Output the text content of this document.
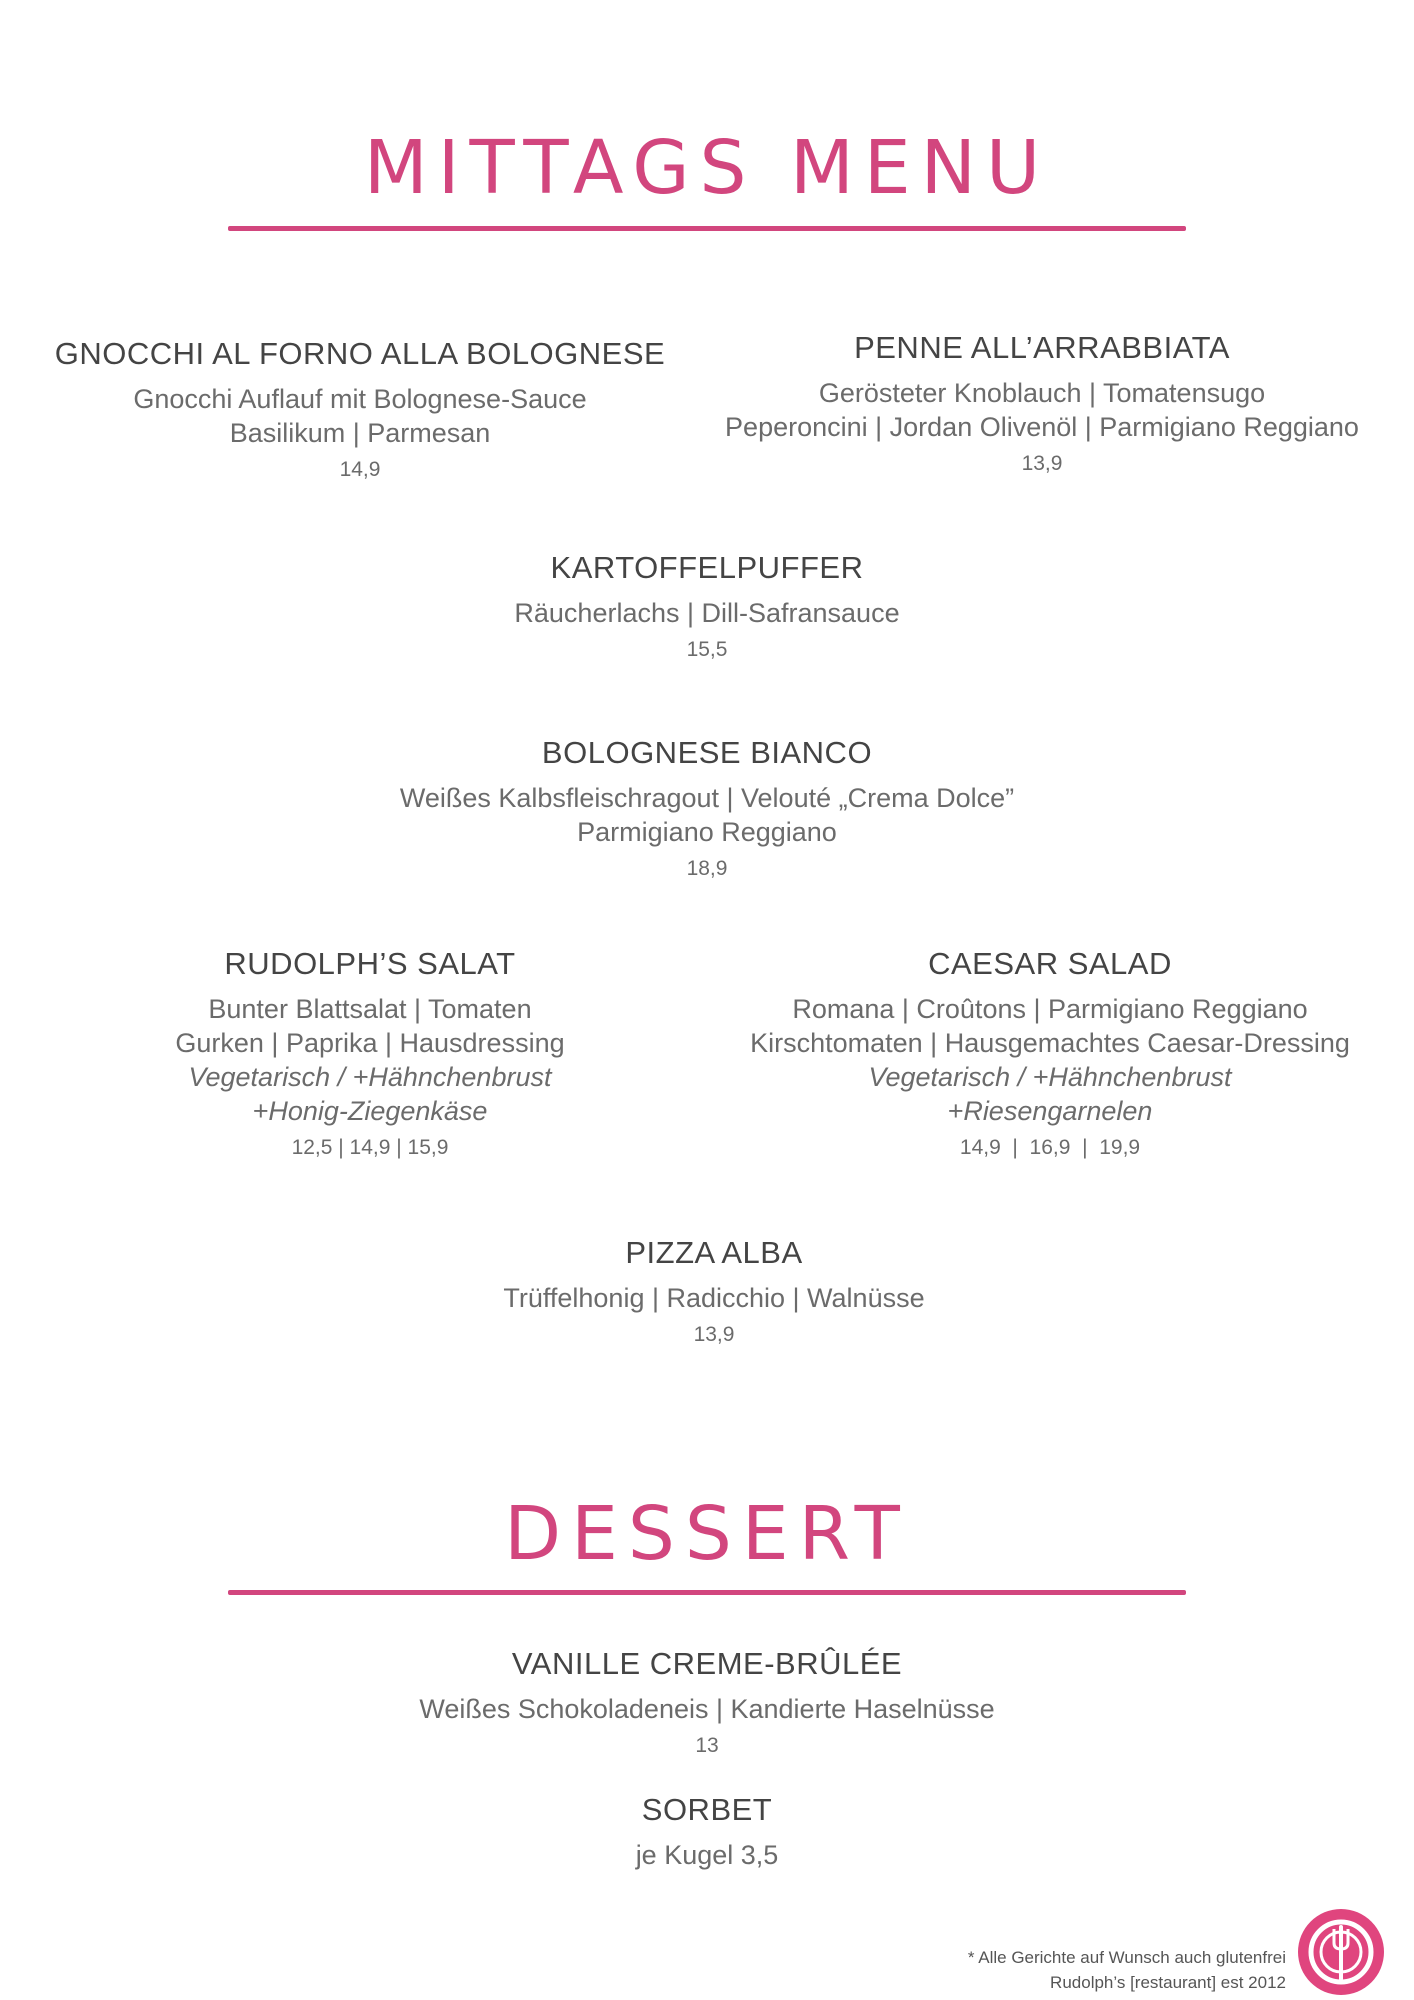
MITTAGS MENU
GNOCCHI AL FORNO ALLA BOLOGNESE
Gnocchi Auflauf mit Bolognese-Sauce
Basilikum | Parmesan
14,9
PENNE ALL’ARRABBIATA
Gerösteter Knoblauch | Tomatensugo
Peperoncini | Jordan Olivenöl | Parmigiano Reggiano
13,9
KARTOFFELPUFFER
Räucherlachs | Dill-Safransauce
15,5
BOLOGNESE BIANCO
Weißes Kalbsfleischragout | Velouté „Crema Dolce”
Parmigiano Reggiano
18,9
RUDOLPH’S SALAT
Bunter Blattsalat | Tomaten
Gurken | Paprika | Hausdressing
Vegetarisch / +Hähnchenbrust
+Honig-Ziegenkäse
12,5 | 14,9 | 15,9
CAESAR SALAD
Romana | Croûtons | Parmigiano Reggiano
Kirschtomaten | Hausgemachtes Caesar-Dressing
Vegetarisch / +Hähnchenbrust
+Riesengarnelen
14,9  |  16,9  |  19,9
PIZZA ALBA
Trüffelhonig | Radicchio | Walnüsse
13,9
DESSERT
VANILLE CREME-BRÛLÉE
Weißes Schokoladeneis | Kandierte Haselnüsse
13
SORBET
je Kugel 3,5
* Alle Gerichte auf Wunsch auch glutenfrei
Rudolph’s [restaurant] est 2012
